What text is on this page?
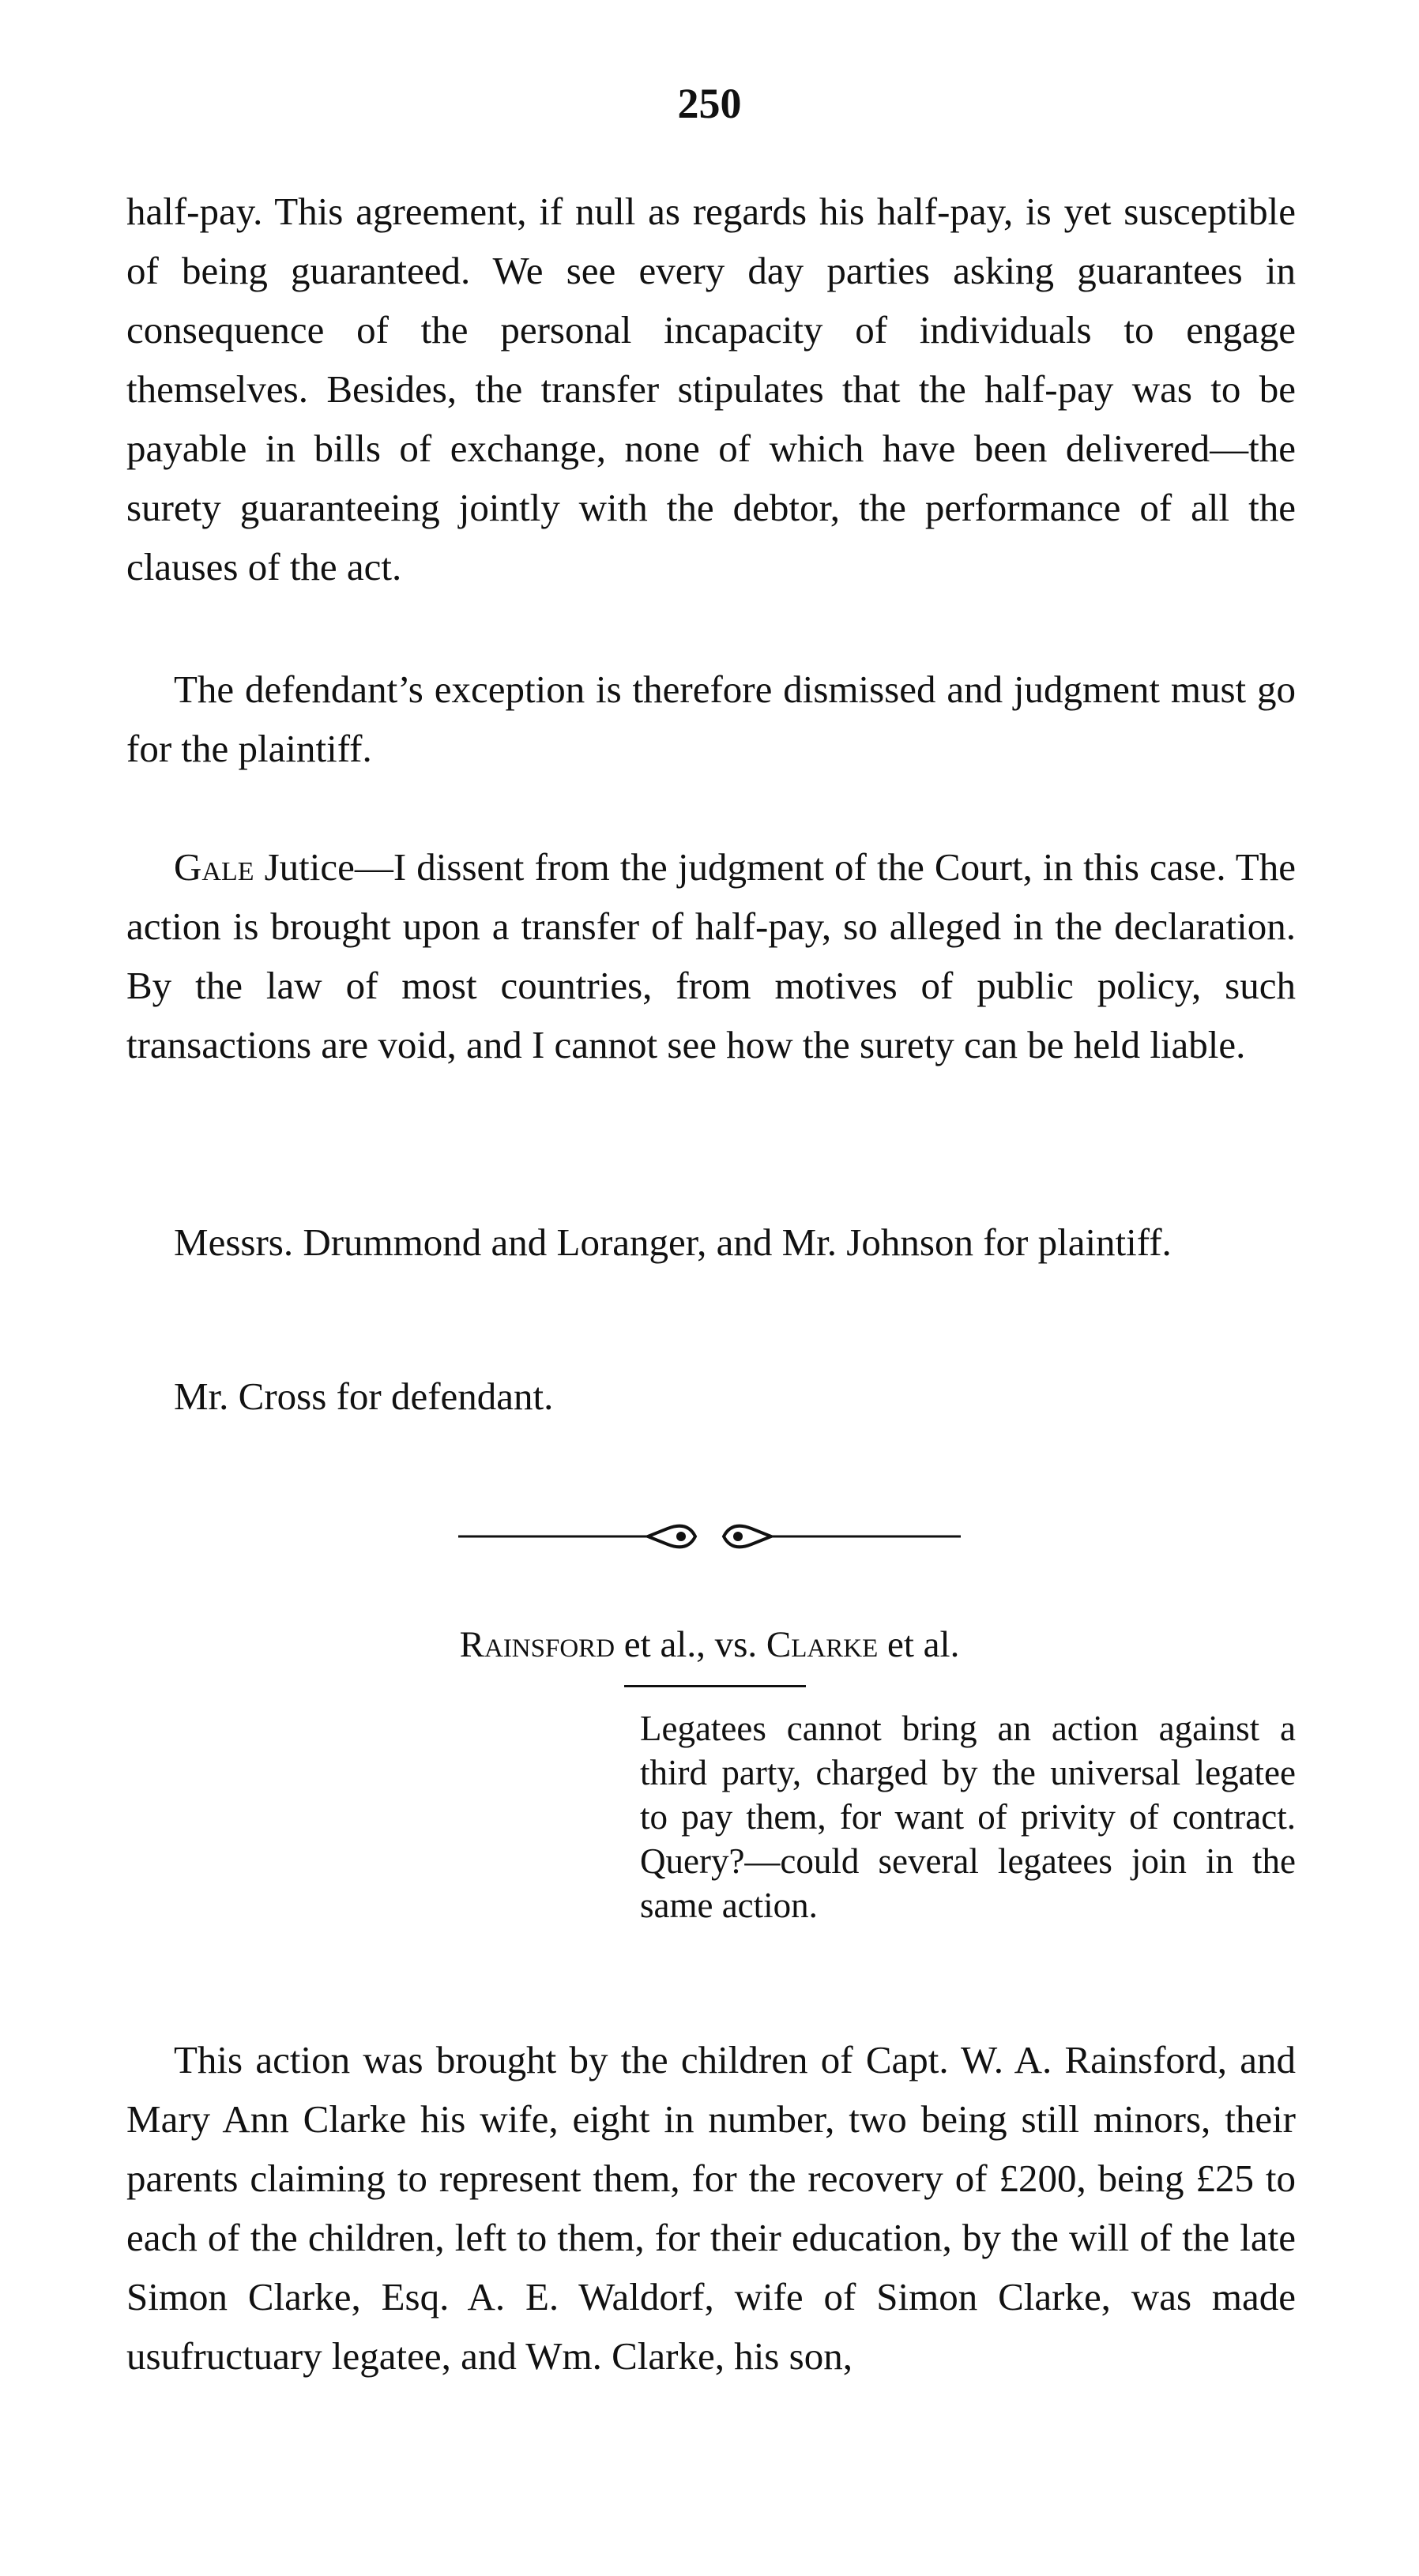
250

half-pay. This agreement, if null as regards his half-pay, is yet susceptible of being guaranteed. We see every day parties asking guarantees in consequence of the personal incapacity of individuals to engage themselves. Besides, the transfer stipulates that the half-pay was to be payable in bills of exchange, none of which have been delivered—the surety guaranteeing jointly with the debtor, the performance of all the clauses of the act.

The defendant’s exception is therefore dismissed and judgment must go for the plaintiff.

Gale Jutice—I dissent from the judgment of the Court, in this case. The action is brought upon a transfer of half-pay, so alleged in the declaration. By the law of most countries, from motives of public policy, such transactions are void, and I cannot see how the surety can be held liable.

Messrs. Drummond and Loranger, and Mr. Johnson for plaintiff.

Mr. Cross for defendant.

Rainsford et al., vs. Clarke et al.

Legatees cannot bring an action against a third party, charged by the universal legatee to pay them, for want of privity of contract. Query?—could several legatees join in the same action.

This action was brought by the children of Capt. W. A. Rainsford, and Mary Ann Clarke his wife, eight in number, two being still minors, their parents claiming to represent them, for the recovery of £200, being £25 to each of the children, left to them, for their education, by the will of the late Simon Clarke, Esq. A. E. Waldorf, wife of Simon Clarke, was made usufructuary legatee, and Wm. Clarke, his son,
